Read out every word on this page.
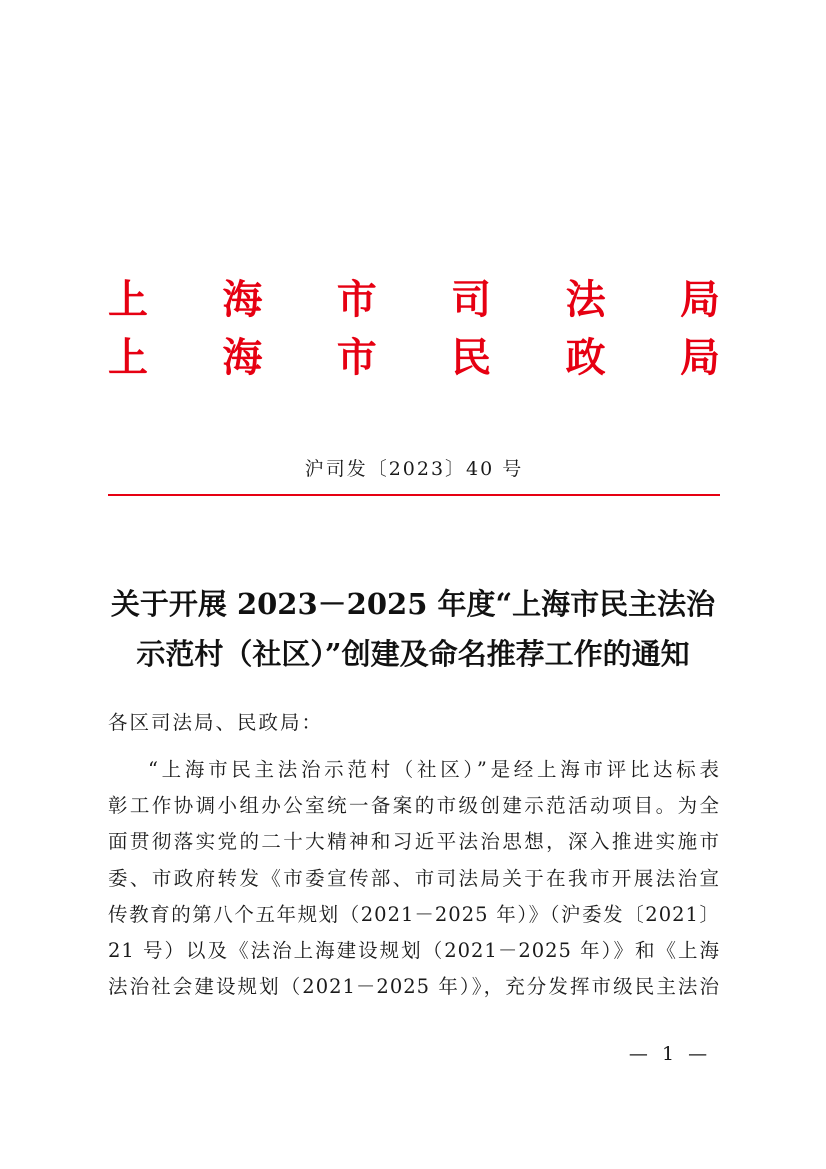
上 海 市 司 法 局
上 海 市 民 政 局
沪司发〔2023〕40 号
关于开展 2023－2025 年度“上海市民主法治
示范村（社区）”创建及命名推荐工作的通知
各区司法局、民政局：
“上海市民主法治示范村（社区）”是经上海市评比达标表
彰工作协调小组办公室统一备案的市级创建示范活动项目。为全
面贯彻落实党的二十大精神和习近平法治思想，深入推进实施市
委、市政府转发《市委宣传部、市司法局关于在我市开展法治宣
传教育的第八个五年规划（2021－2025 年）》（沪委发〔2021〕
21 号）以及《法治上海建设规划（2021－2025 年）》和《上海
法治社会建设规划（2021－2025 年）》，充分发挥市级民主法治
— 1 —
